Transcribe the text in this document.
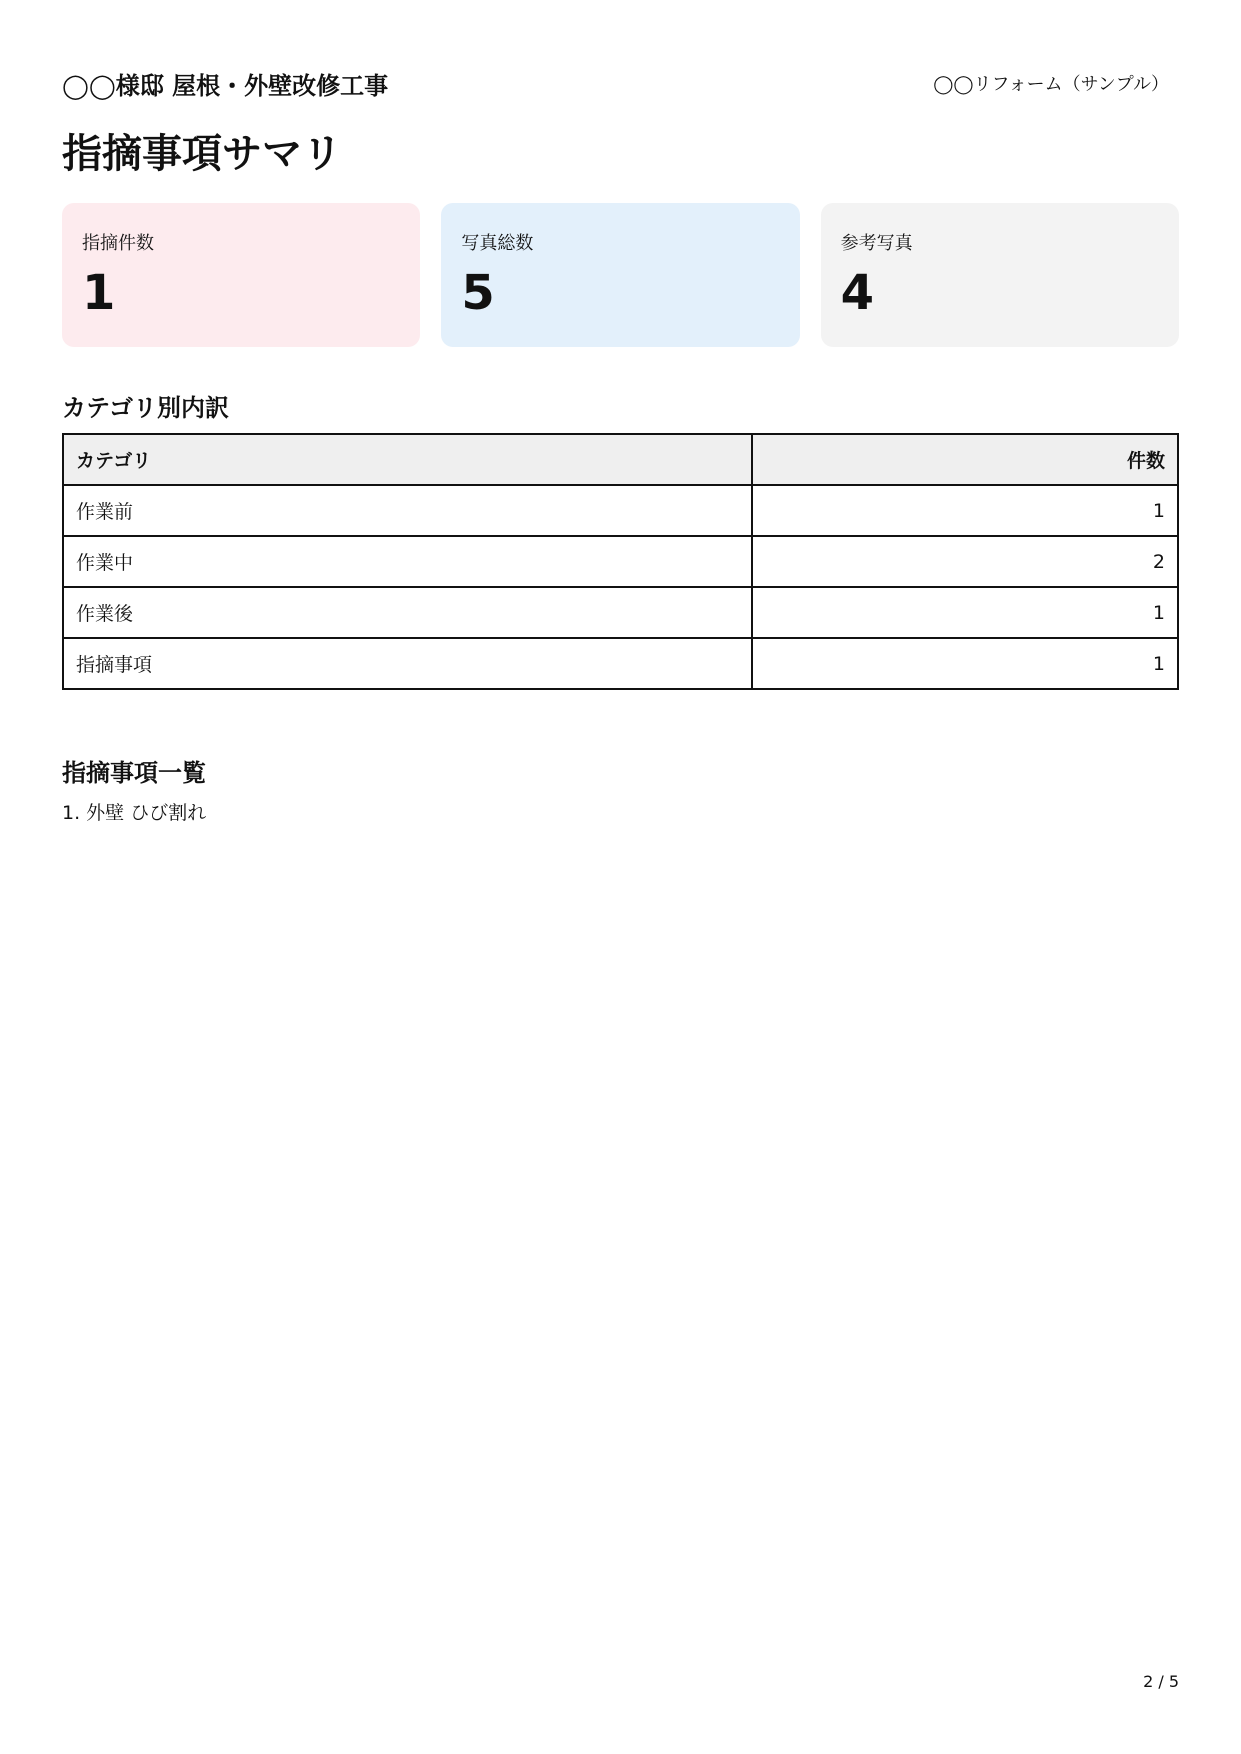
◯◯様邸 屋根・外壁改修工事	◯◯リフォーム（サンプル）
指摘事項サマリ
指摘件数
1
写真総数
5
参考写真
4
カテゴリ別内訳
カテゴリ	件数
作業前	1
作業中	2
作業後	1
指摘事項	1
指摘事項一覧
1. 外壁 ひび割れ
2 / 5
